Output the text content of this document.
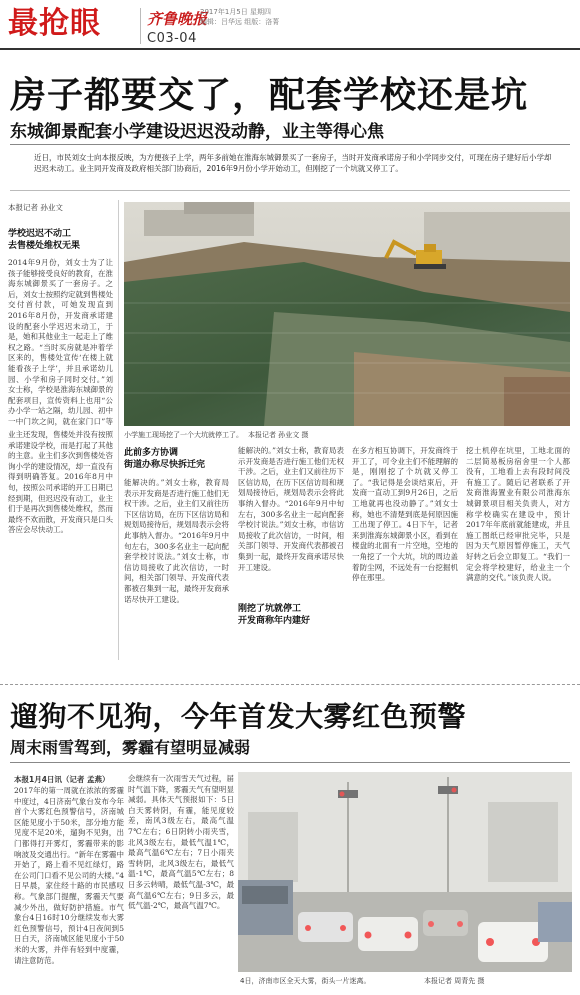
最抢眼	齐鲁晚报
2017年1月5日 星期四
编辑：吕华远 组版：洛菁
C03-04
房子都要交了，配套学校还是坑
东城御景配套小学建设迟迟没动静，业主等得心焦
近日，市民刘女士向本报反映，为方便孩子上学，两年多前她在淮海东城御景买了一套房子，当时开发商承诺房子和小学同步交付，可现在房子建好后小学却迟迟未动工。业主同开发商及政府相关部门协商后，2016年9月份小学开始动工，但刚挖了一个坑就又停工了。
本报记者 孙业文
学校迟迟不动工
去售楼处维权无果
2014年9月份，刘女士为了让孩子能够接受良好的教育，在淮海东城御景买了一套房子。之后，刘女士按照约定就到售楼处交付首付款，可她发现直到2016年8月份，开发商承诺建设的配套小学迟迟未动工，于是，她和其他业主一起走上了维权之路。“当时买房就是冲着学区来的，售楼处宣传‘在楼上就能看孩子上学’，并且承诺幼儿园、小学和房子同时交付。”刘女士称，学校是淮海东城御景的配套项目，宣传资料上也用“公办小学一站之隔，幼儿园、初中一中门坎之间，就在家门口”等
业主还发现，售楼处并没有按照承诺建设学校，而是打起了其他的主意。业主们多次到售楼处咨询小学的建设情况，却一直没有得到明确答复。2016年8月中旬，按照公司承诺的开工日期已经到期，但迟迟没有动工，业主们于是再次到售楼处维权，然而最终不欢而散，开发商只是口头答应会尽快动工。
小学施工现场挖了一个大坑就停工了。 本报记者 孙业文 摄
此前多方协调
街道办称尽快拆迁完
能解决的。”刘女士称，教育局表示开发商是否进行施工他们无权干涉。之后，业主们又前往历下区信访局，在历下区信访局和规划局接待后，规划局表示会将此事纳入督办。“2016年9月中旬左右，300多名业主一起向配套学校讨说法。”刘女士称，市信访局接收了此次信访，一时间，相关部门领导、开发商代表都被召集到一起，最终开发商承诺尽快开工建设。
能解决的。”刘女士称，教育局表示开发商是否进行施工他们无权干涉。之后，业主们又前往历下区信访局，在历下区信访局和规划局接待后，规划局表示会将此事纳入督办。“2016年9月中旬左右，300多名业主一起向配套学校讨说法。”刘女士称，市信访局接收了此次信访，一时间，相关部门领导、开发商代表都被召集到一起，最终开发商承诺尽快开工建设。
刚挖了坑就停工
开发商称年内建好
在多方相互协调下，开发商终于开工了，可令业主们不能理解的是，刚刚挖了个坑就又停工了。“我记得是会谈结束后，开发商一直动工到9月26日，之后工地就再也没动静了。”刘女士称，她也不清楚到底是何原因施工出现了停工。4日下午，记者来到淮海东城御景小区，看到在楼盘的北面有一片空地，空地的一角挖了一个大坑，坑的周边盖着防尘网，不远处有一台挖掘机停在那里。
挖土机停在坑里，工地北面的二层简易板房宿舍里一个人都没有，工地看上去有段时间没有施工了。随后记者联系了开发商淮海置业有限公司淮海东城御景项目相关负责人，对方称学校确实在建设中，预计2017年年底前就能建成，并且施工图纸已经审批完毕，只是因为天气原因暂停施工，天气好转之后会立即复工。“我们一定会将学校建好，给业主一个满意的交代。”该负责人说。
遛狗不见狗，今年首发大雾红色预警
周末雨雪驾到，雾霾有望明显减弱
本报1月4日讯（记者 孟燕）
2017年的第一周就在浓浓的雾霾中度过，4日济南气象台发布今年首个大雾红色预警信号，济南城区能见度小于50米，部分地方能见度不足20米，遛狗不见狗，出门都得打开雾灯，雾霾带来的影响波及交通出行。“新年在雾霾中开始了，路上看不见红绿灯，路在公司门口看不见公司的大楼。”4日早晨，家住经十路的市民感叹称。气象部门提醒，雾霾天气要减少外出，做好防护措施。市气象台4日16时10分继续发布大雾红色预警信号，预计4日夜间到5日白天，济南城区能见度小于50米的大雾，并伴有轻到中度霾，请注意防范。
会继续有一次雨雪天气过程，届时气温下降，雾霾天气有望明显减弱。具体天气预报如下：5日白天雾转阴，有霾，能见度较差，南风3级左右，最高气温7℃左右；6日阴转小雨夹雪，北风3级左右，最低气温1℃，最高气温6℃左右；7日小雨夹雪转阴，北风3级左右，最低气温-1℃，最高气温5℃左右；8日多云转晴，最低气温-3℃，最高气温6℃左右；9日多云，最低气温-2℃，最高气温7℃。
4日，济南市区全天大雾，街头一片迷离。	本报记者 周青先 摄
